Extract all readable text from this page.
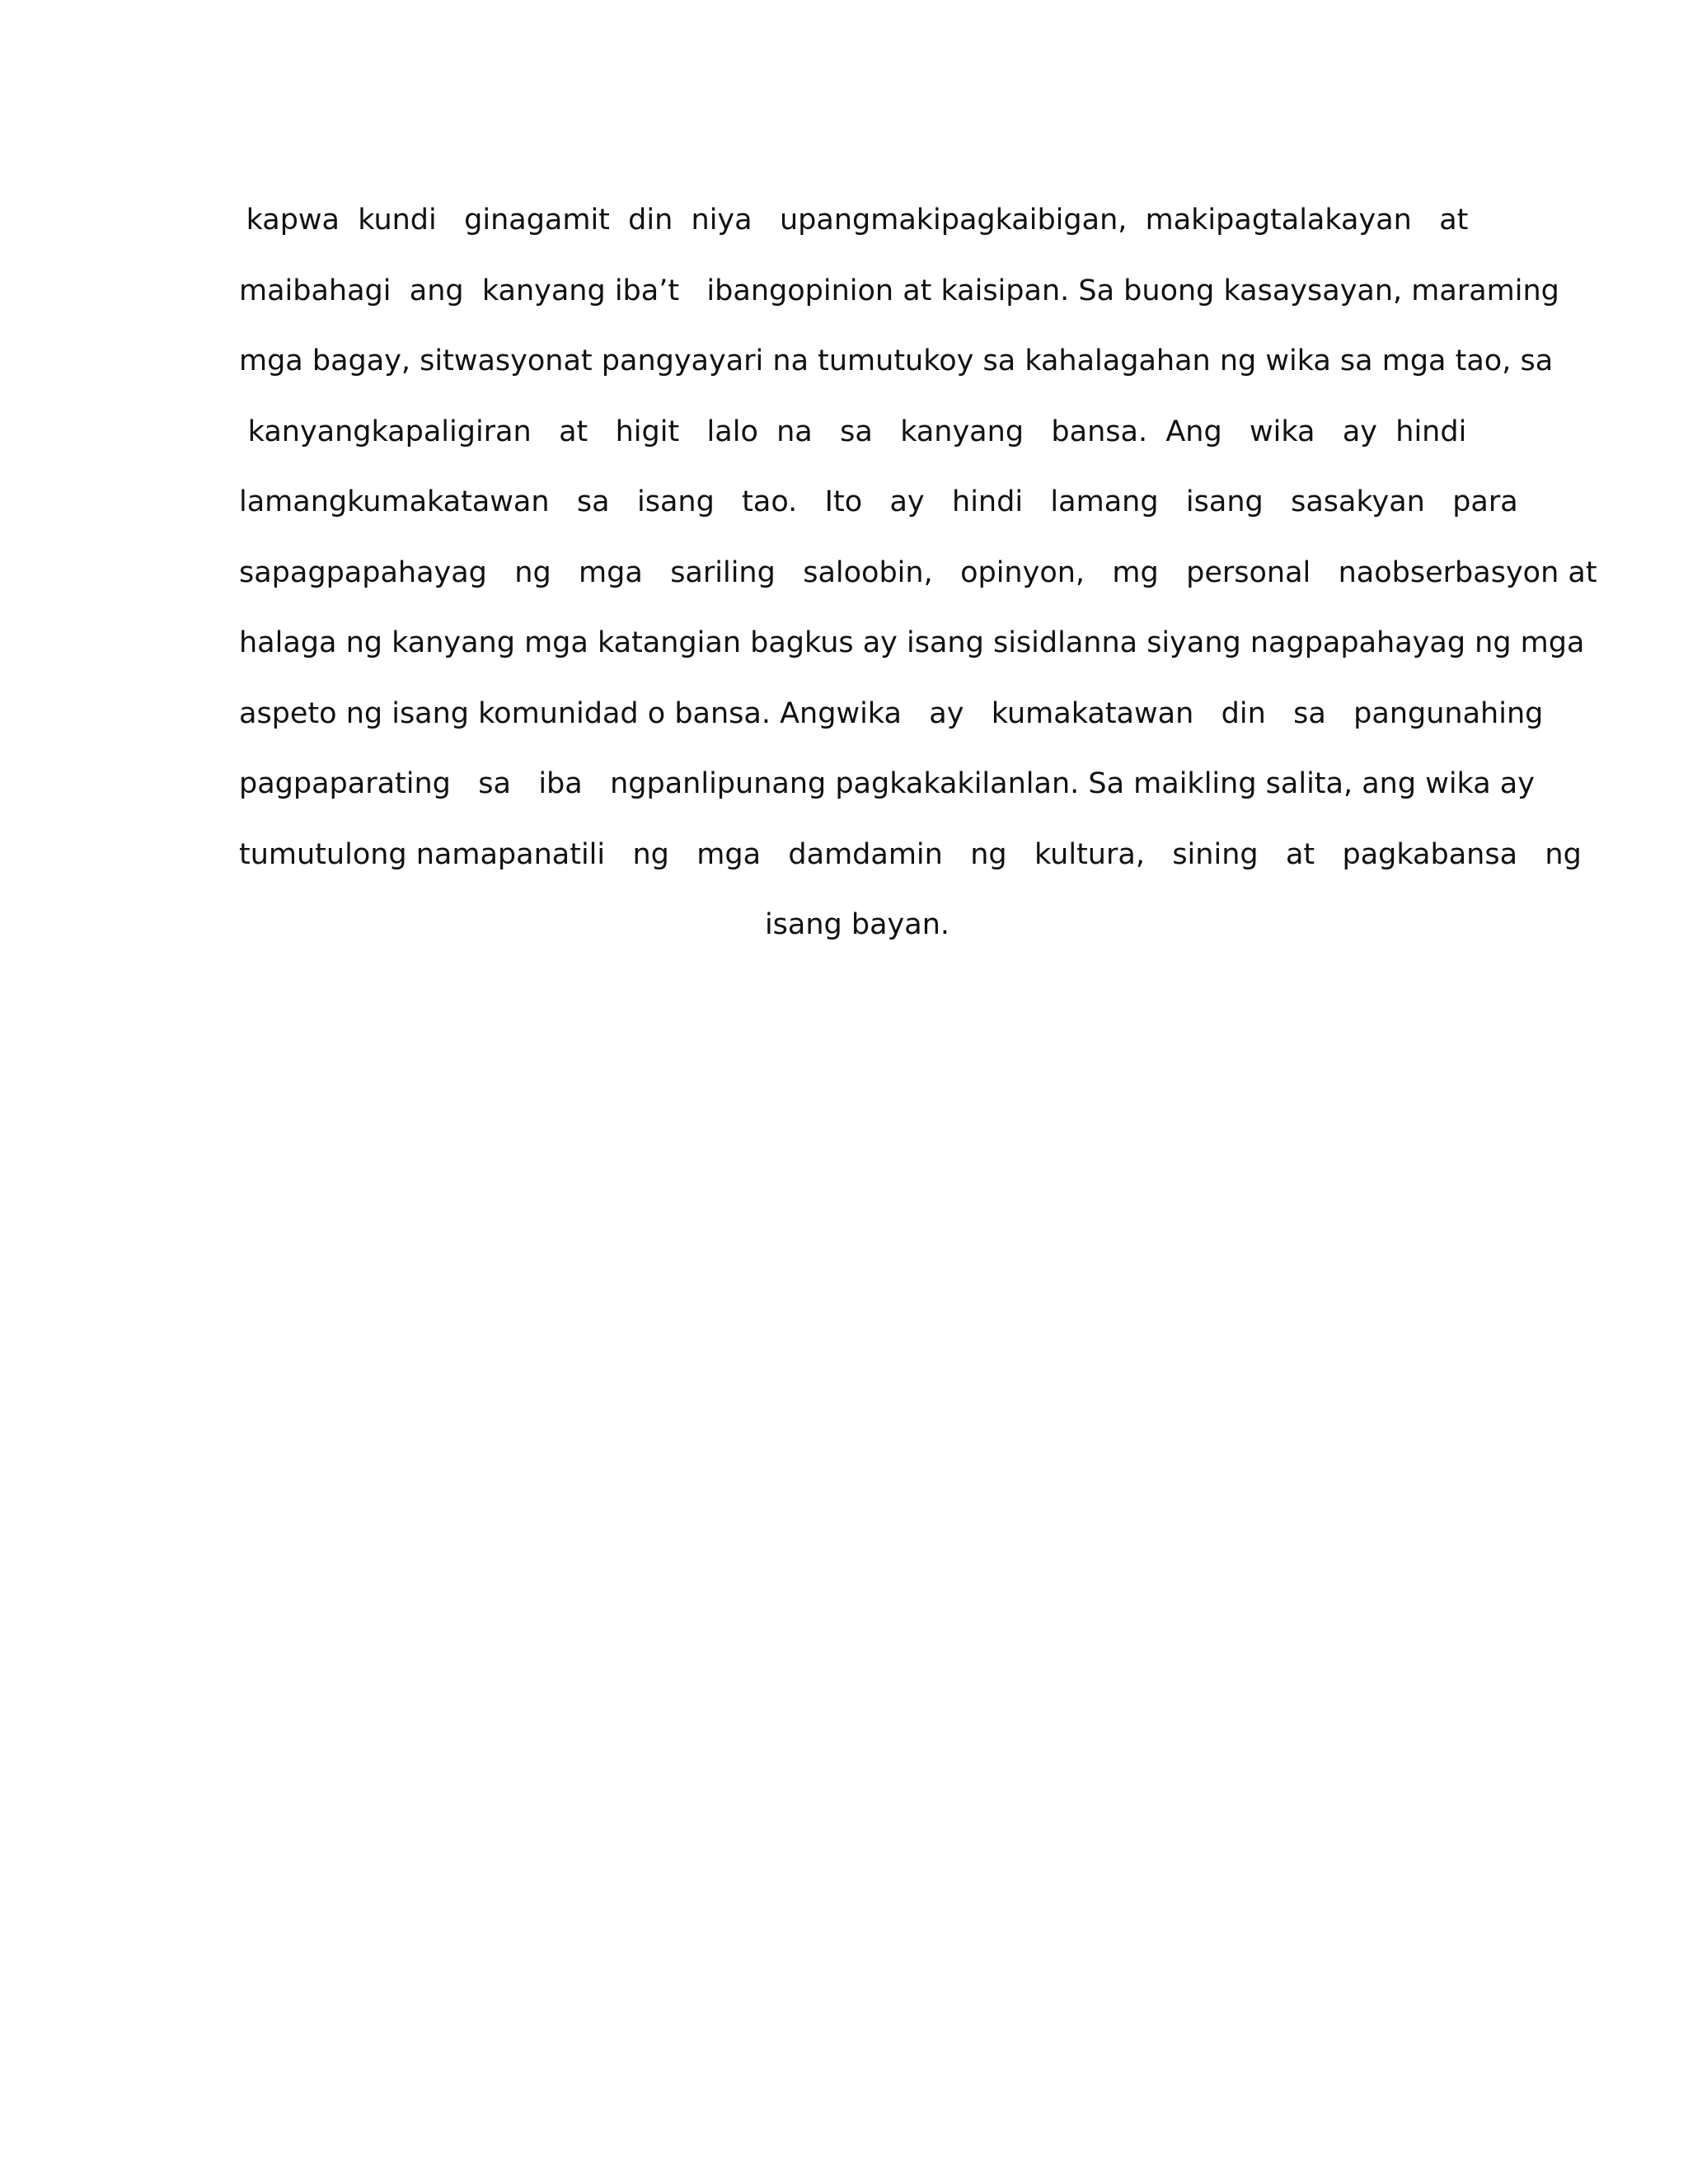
kapwa  kundi   ginagamit  din  niya   upangmakipagkaibigan,  makipagtalakayan   at
maibahagi  ang  kanyang iba’t   ibangopinion at kaisipan. Sa buong kasaysayan, maraming
mga bagay, sitwasyonat pangyayari na tumutukoy sa kahalagahan ng wika sa mga tao, sa
kanyangkapaligiran   at   higit   lalo  na   sa   kanyang   bansa.  Ang   wika   ay  hindi
lamangkumakatawan   sa   isang   tao.   Ito   ay   hindi   lamang   isang   sasakyan   para
sapagpapahayag   ng   mga   sariling   saloobin,   opinyon,   mg   personal   naobserbasyon at
halaga ng kanyang mga katangian bagkus ay isang sisidlanna siyang nagpapahayag ng mga
aspeto ng isang komunidad o bansa. Angwika   ay   kumakatawan   din   sa   pangunahing
pagpaparating   sa   iba   ngpanlipunang pagkakakilanlan. Sa maikling salita, ang wika ay
tumutulong namapanatili   ng   mga   damdamin   ng   kultura,   sining   at   pagkabansa   ng
isang bayan.
